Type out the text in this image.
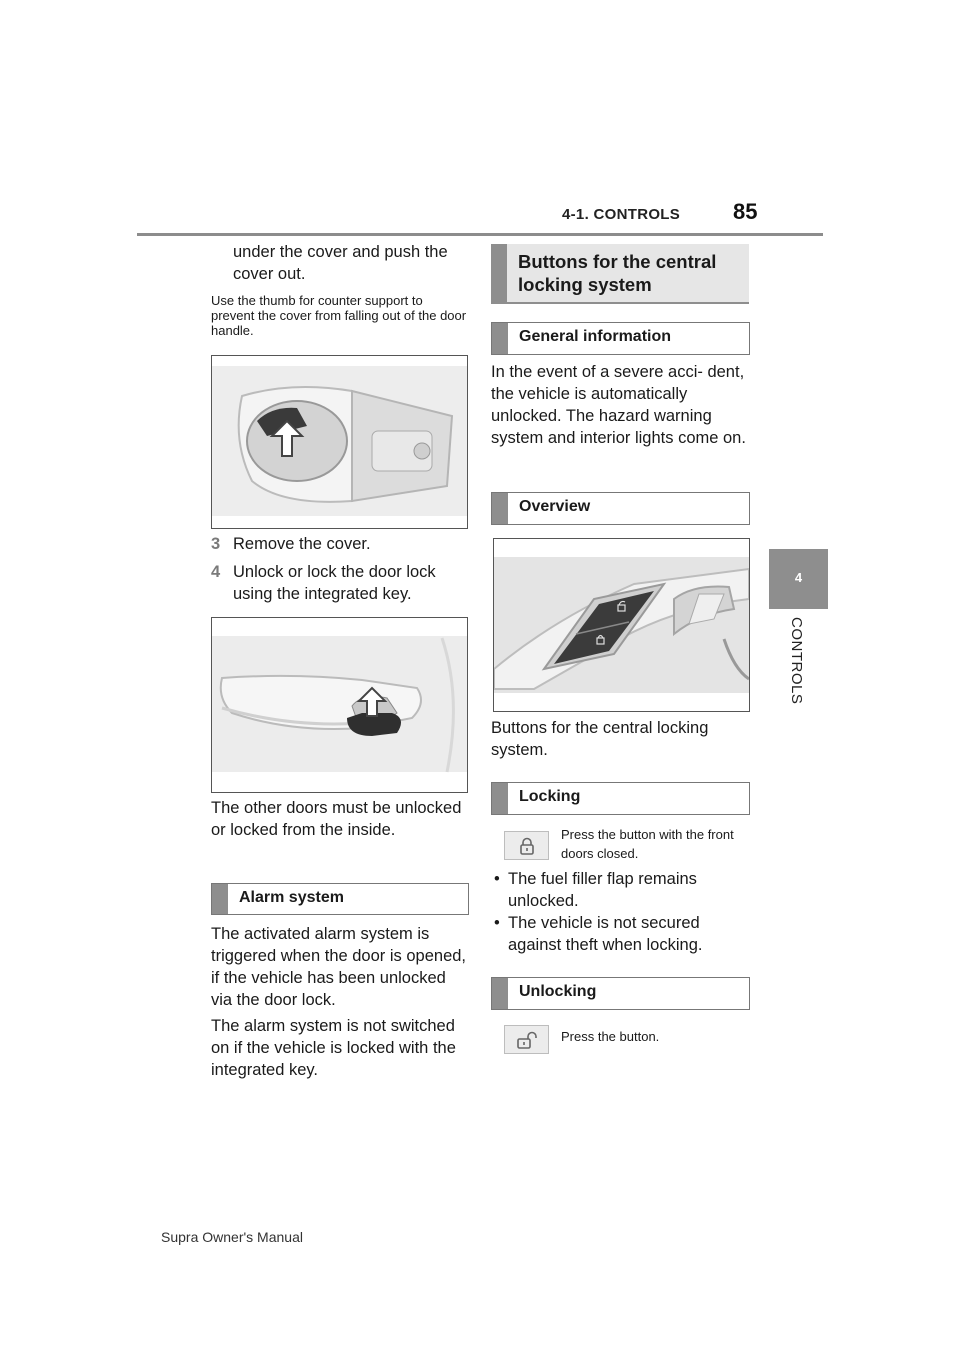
4-1. CONTROLS 85
4
CONTROLS
under the cover and push the cover out.
Use the thumb for counter support to prevent the cover from falling out of the door handle.
3 Remove the cover.
4 Unlock or lock the door lock using the integrated key.
The other doors must be unlocked or locked from the inside.
Alarm system
The activated alarm system is triggered when the door is opened, if the vehicle has been unlocked via the door lock.
The alarm system is not switched on if the vehicle is locked with the integrated key.
Buttons for the central locking system
General information
In the event of a severe acci- dent, the vehicle is automatically unlocked. The hazard warning system and interior lights come on.
Overview
Buttons for the central locking system.
Locking
Press the button with the front doors closed.
• The fuel filler flap remains unlocked.
• The vehicle is not secured against theft when locking.
Unlocking
Press the button.
Supra Owner's Manual
